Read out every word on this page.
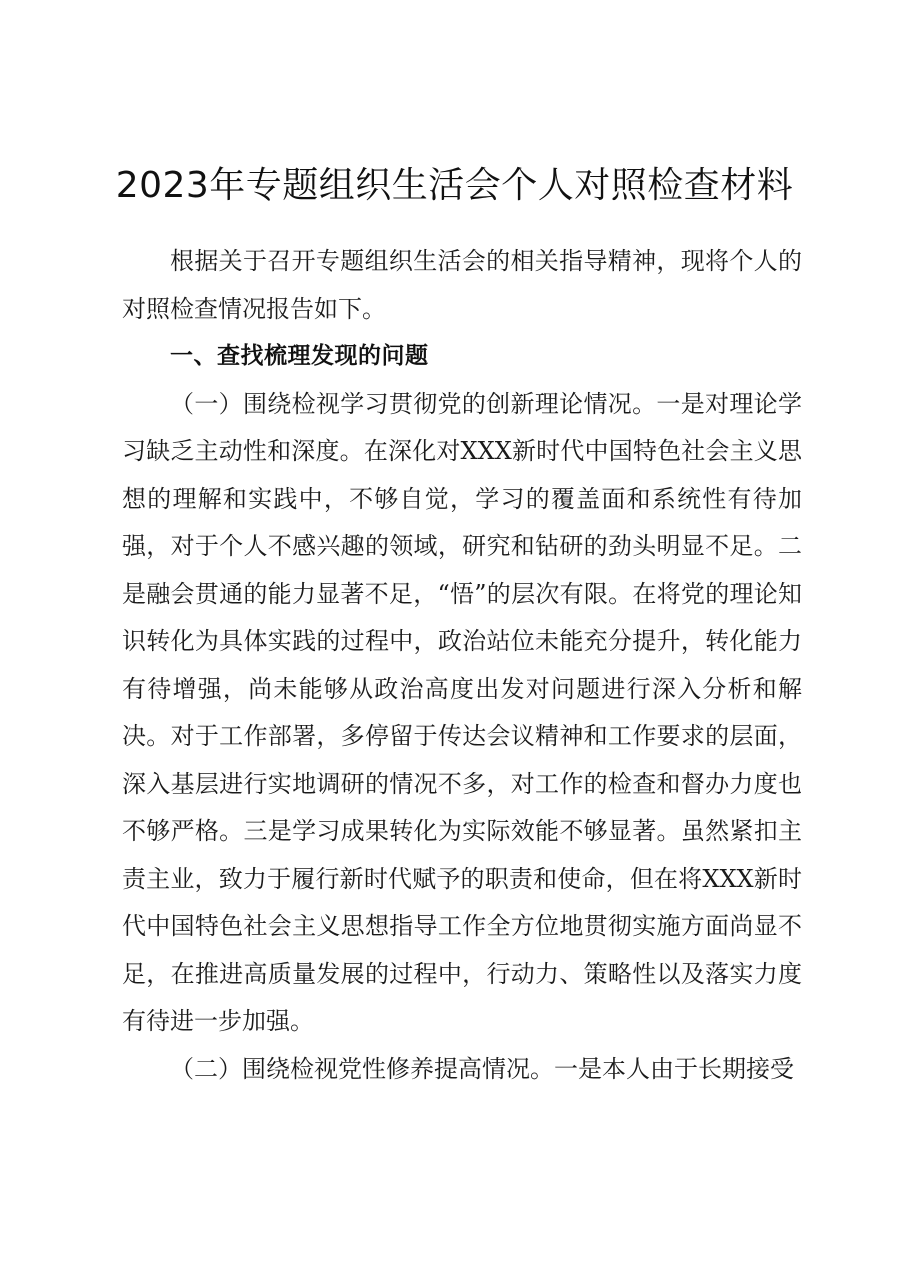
2023年专题组织生活会个人对照检查材料

根据关于召开专题组织生活会的相关指导精神，现将个人的对照检查情况报告如下。

一、查找梳理发现的问题

（一）围绕检视学习贯彻党的创新理论情况。一是对理论学习缺乏主动性和深度。在深化对XXX新时代中国特色社会主义思想的理解和实践中，不够自觉，学习的覆盖面和系统性有待加强，对于个人不感兴趣的领域，研究和钻研的劲头明显不足。二是融会贯通的能力显著不足，“悟”的层次有限。在将党的理论知识转化为具体实践的过程中，政治站位未能充分提升，转化能力有待增强，尚未能够从政治高度出发对问题进行深入分析和解决。对于工作部署，多停留于传达会议精神和工作要求的层面，深入基层进行实地调研的情况不多，对工作的检查和督办力度也不够严格。三是学习成果转化为实际效能不够显著。虽然紧扣主责主业，致力于履行新时代赋予的职责和使命，但在将XXX新时代中国特色社会主义思想指导工作全方位地贯彻实施方面尚显不足，在推进高质量发展的过程中，行动力、策略性以及落实力度有待进一步加强。

（二）围绕检视党性修养提高情况。一是本人由于长期接受
